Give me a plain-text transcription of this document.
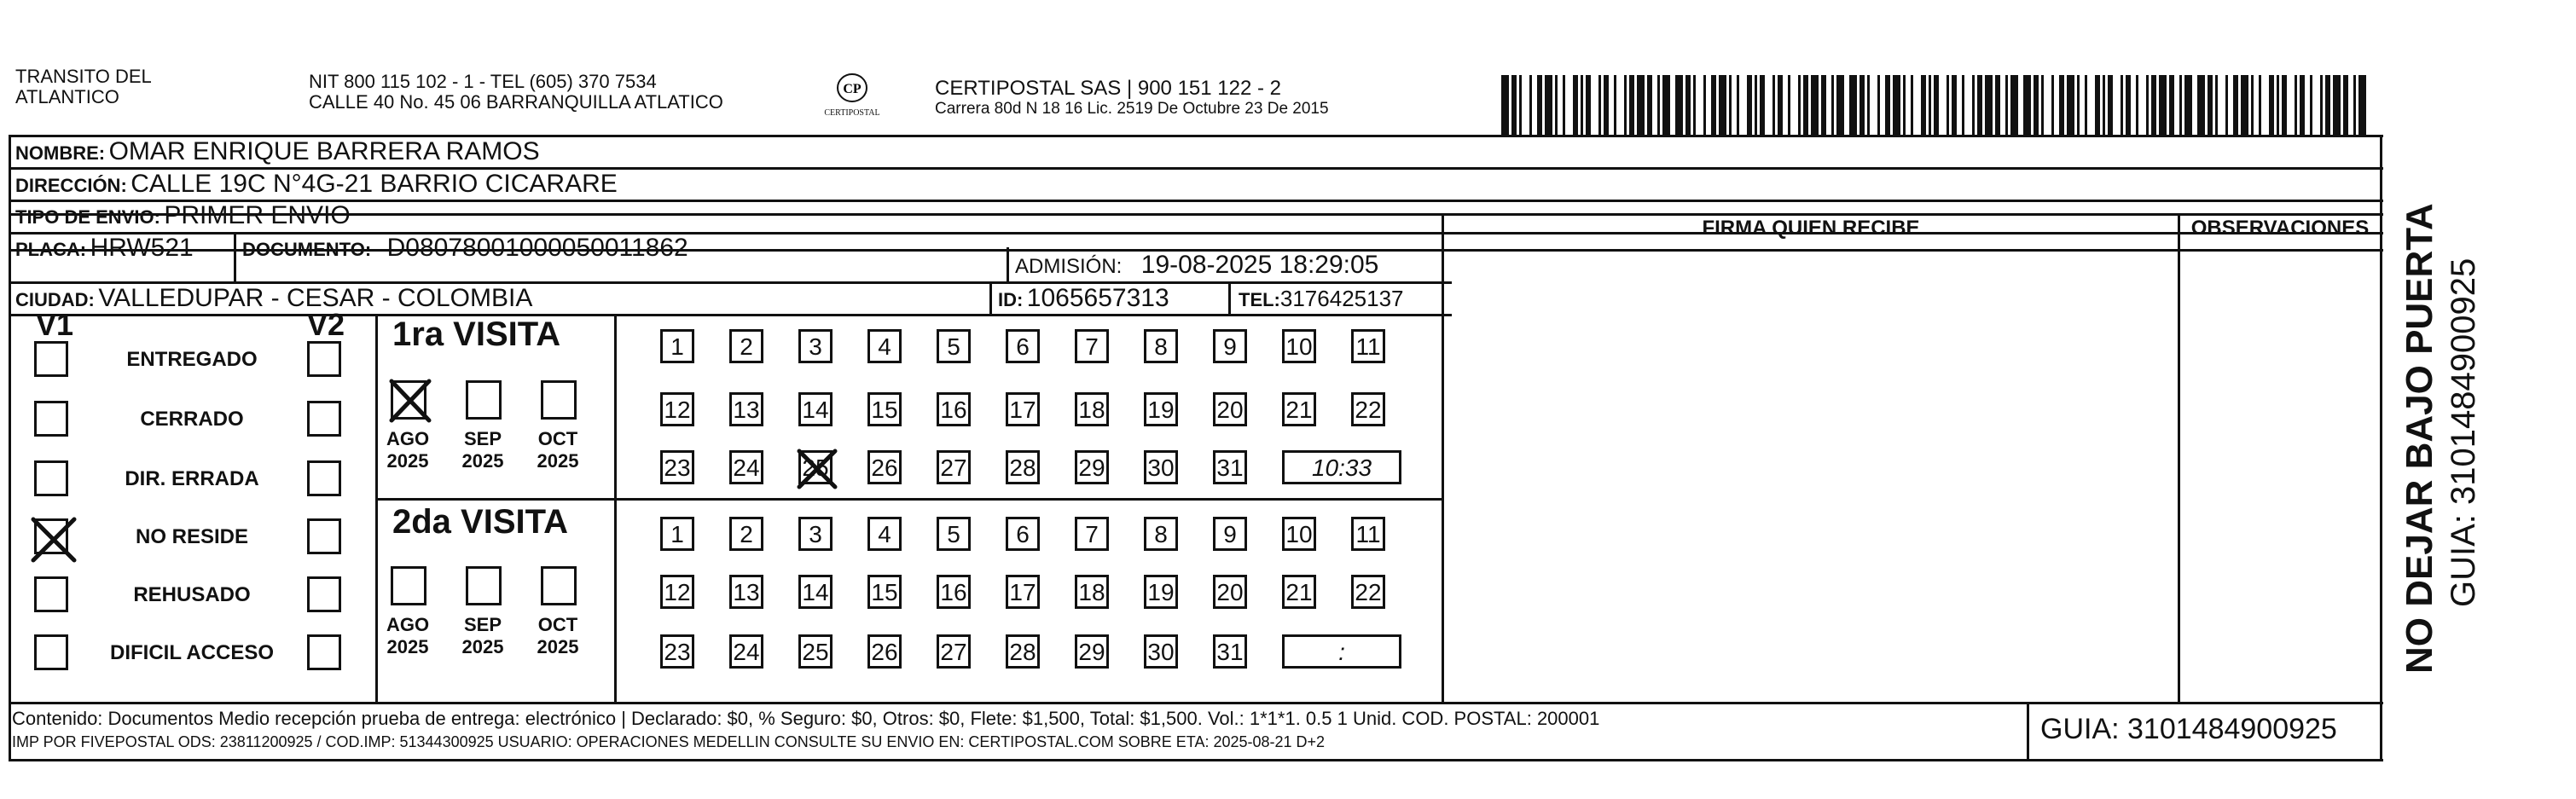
TRANSITO DEL
ATLANTICO
NIT 800 115 102 - 1 - TEL (605) 370 7534
CALLE 40 No. 45 06 BARRANQUILLA ATLATICO
CP
CERTIPOSTAL
CERTIPOSTAL SAS | 900 151 122 - 2
Carrera 80d N 18 16 Lic. 2519 De Octubre 23 De 2015
NOMBRE: OMAR ENRIQUE BARRERA RAMOS
DIRECCIÓN: CALLE 19C N°4G-21 BARRIO CICARARE
TIPO DE ENVIO: PRIMER ENVIO
PLACA: HRW521	DOCUMENTO: D08078001000050011862
ADMISIÓN: 19-08-2025 18:29:05
CIUDAD: VALLEDUPAR - CESAR - COLOMBIA	ID: 1065657313	TEL:3176425137
FIRMA QUIEN RECIBE	OBSERVACIONES
V1	V2
ENTREGADO
CERRADO
DIR. ERRADA
NO RESIDE
REHUSADO
DIFICIL ACCESO
1ra VISITA
2da VISITA
AGO
2025
SEP
2025
OCT
2025
AGO
2025
SEP
2025
OCT
2025
1	2	3	4	5	6	7	8	9	10 11
12 13 14 15 16 17 18 19 20 21 22
23 24 25 26 27 28 29 30 31	10:33
1	2	3	4	5	6	7	8	9	10 11
12 13 14 15 16 17 18 19 20 21 22
23 24 25 26 27 28 29 30 31	:
Contenido: Documentos Medio recepción prueba de entrega: electrónico | Declarado: $0, % Seguro: $0, Otros: $0, Flete: $1,500, Total: $1,500. Vol.: 1*1*1. 0.5 1 Unid. COD. POSTAL: 200001
IMP POR FIVEPOSTAL ODS: 23811200925 / COD.IMP: 51344300925 USUARIO: OPERACIONES MEDELLIN CONSULTE SU ENVIO EN: CERTIPOSTAL.COM SOBRE ETA: 2025-08-21 D+2	GUIA: 3101484900925
NO DEJAR BAJO PUERTA GUIA: 3101484900925
